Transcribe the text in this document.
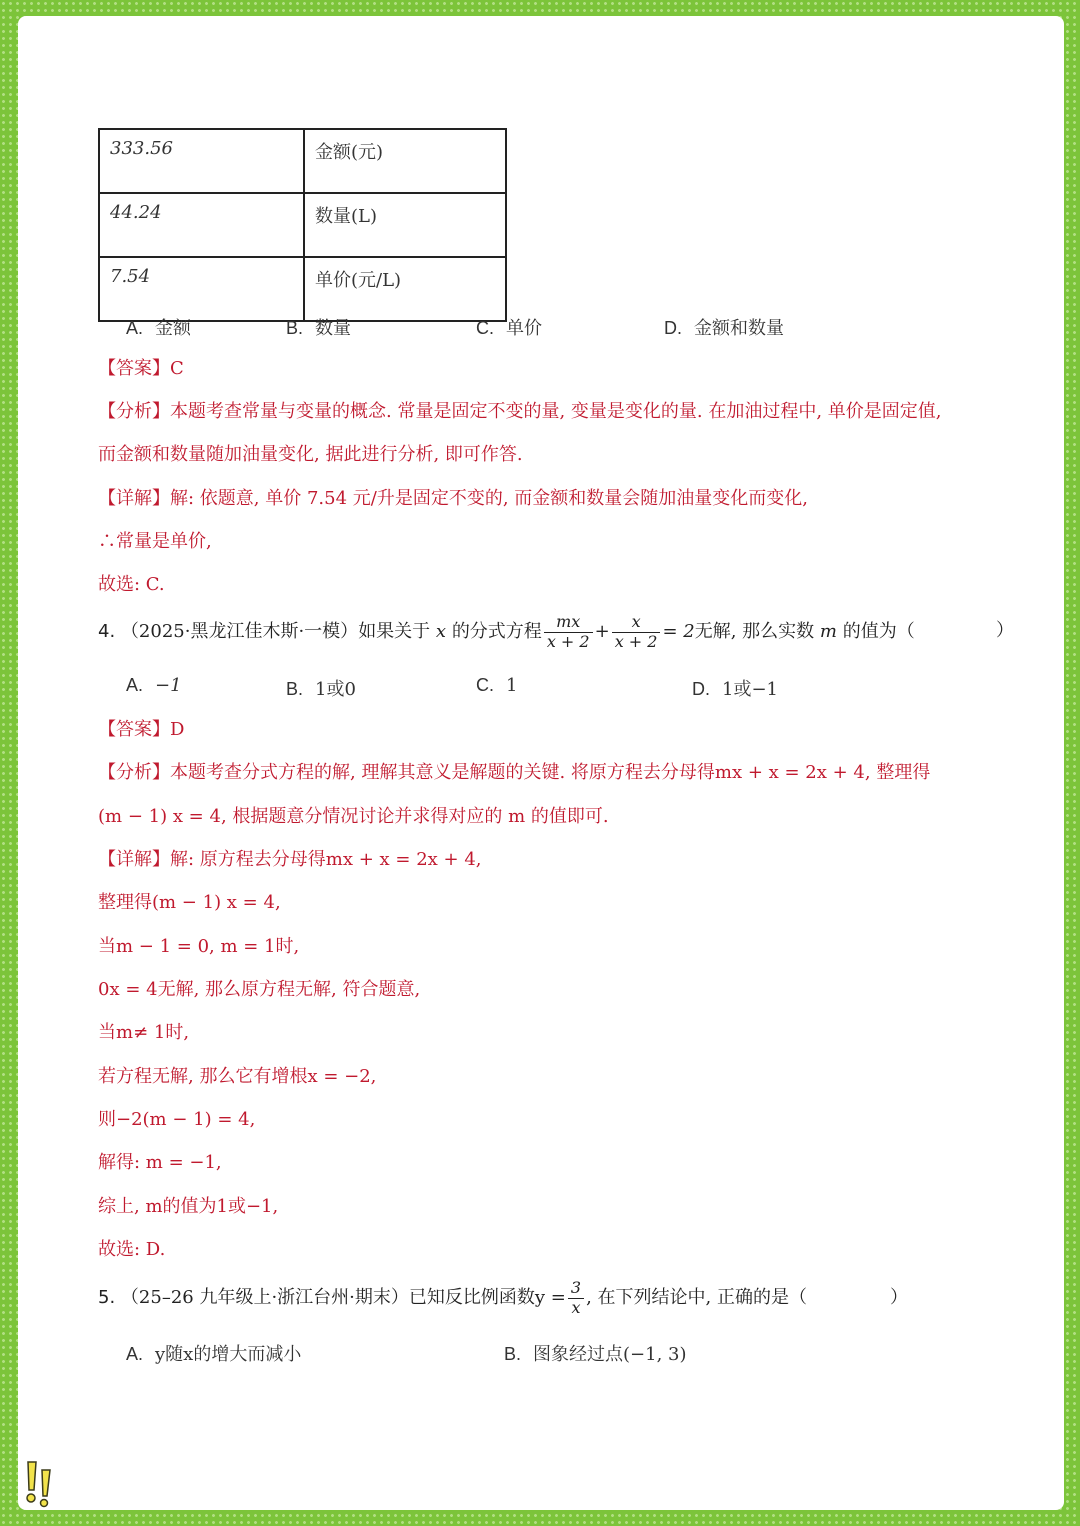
333.56	金额(元)
44.24	数量(L)
7.54	单价(元/L)
A. 金额	B. 数量	C. 单价	D. 金额和数量
【答案】C
【分析】本题考查常量与变量的概念. 常量是固定不变的量, 变量是变化的量. 在加油过程中, 单价是固定值,
而金额和数量随加油量变化, 据此进行分析, 即可作答.
【详解】解: 依题意, 单价 7.54 元/升是固定不变的, 而金额和数量会随加油量变化而变化,
∴常量是单价,
故选: C.
4. （2025·黑龙江佳木斯·一模）如果关于 x 的分式方程 $\frac{mx}{x + 2} + \frac{x}{x + 2} = 2$无解, 那么实数 m 的值为（	）
A. −1	B. 1或0	C. 1	D. 1或−1
【答案】D
【分析】本题考查分式方程的解, 理解其意义是解题的关键. 将原方程去分母得mx + x = 2x + 4, 整理得
(m − 1) x = 4, 根据题意分情况讨论并求得对应的 m 的值即可.
【详解】解: 原方程去分母得mx + x = 2x + 4,
整理得(m − 1) x = 4,
当m − 1 = 0, m = 1时,
0x = 4无解, 那么原方程无解, 符合题意,
当m≠ 1时,
若方程无解, 那么它有增根x = −2,
则−2(m − 1) = 4,
解得: m = −1,
综上, m的值为1或−1,
故选: D.
5. （25–26 九年级上·浙江台州·期末）已知反比例函数$y = \frac{3}{x}$ , 在下列结论中, 正确的是（	）
A. y随x的增大而减小	B. 图象经过点(−1, 3)
